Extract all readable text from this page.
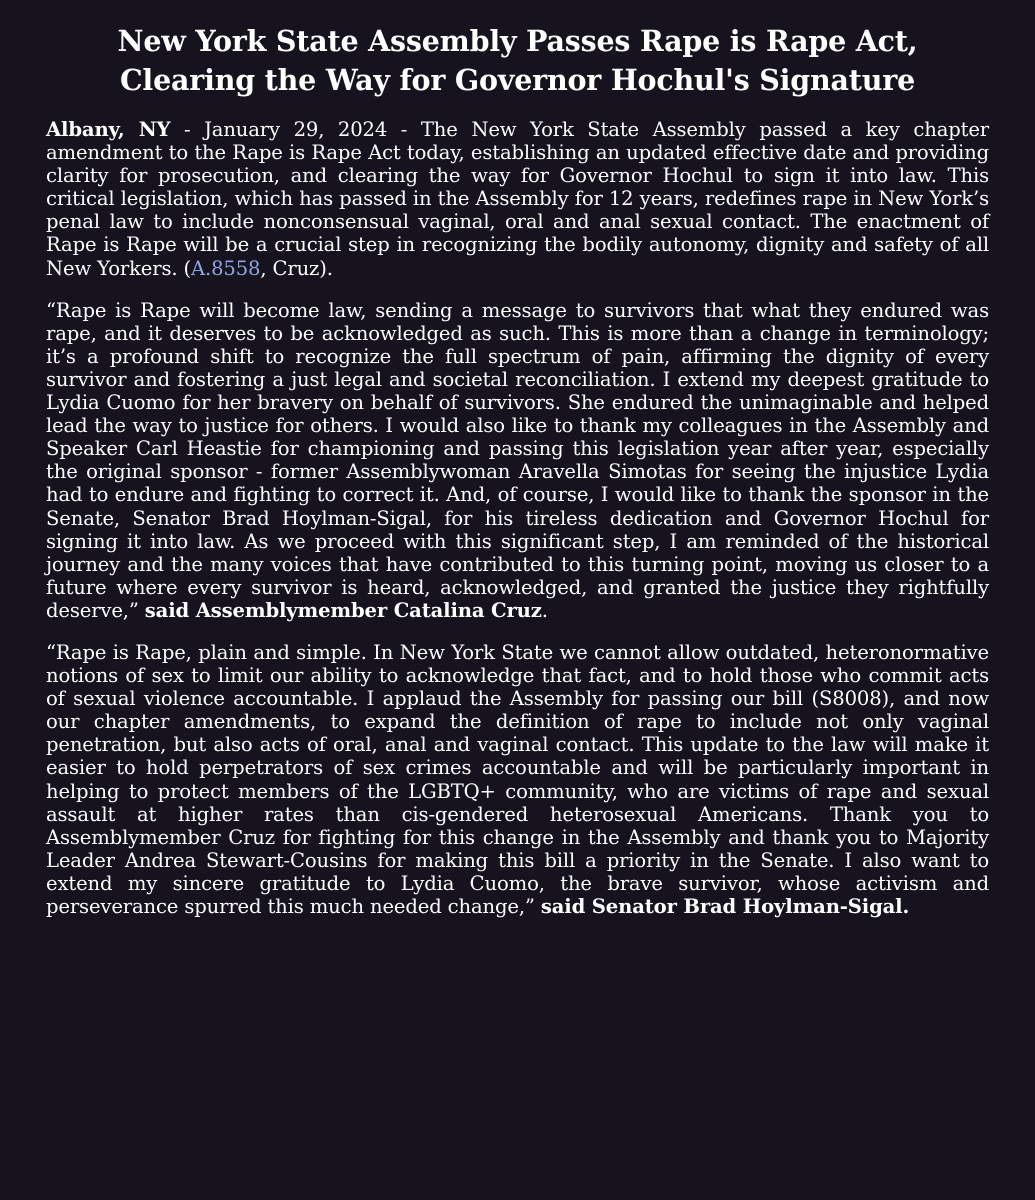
New York State Assembly Passes Rape is Rape Act, Clearing the Way for Governor Hochul's Signature

Albany, NY - January 29, 2024 - The New York State Assembly passed a key chapter amendment to the Rape is Rape Act today, establishing an updated effective date and providing clarity for prosecution, and clearing the way for Governor Hochul to sign it into law. This critical legislation, which has passed in the Assembly for 12 years, redefines rape in New York’s penal law to include nonconsensual vaginal, oral and anal sexual contact. The enactment of Rape is Rape will be a crucial step in recognizing the bodily autonomy, dignity and safety of all New Yorkers. (A.8558, Cruz).

“Rape is Rape will become law, sending a message to survivors that what they endured was rape, and it deserves to be acknowledged as such. This is more than a change in terminology; it’s a profound shift to recognize the full spectrum of pain, affirming the dignity of every survivor and fostering a just legal and societal reconciliation. I extend my deepest gratitude to Lydia Cuomo for her bravery on behalf of survivors. She endured the unimaginable and helped lead the way to justice for others. I would also like to thank my colleagues in the Assembly and Speaker Carl Heastie for championing and passing this legislation year after year, especially the original sponsor - former Assemblywoman Aravella Simotas for seeing the injustice Lydia had to endure and fighting to correct it. And, of course, I would like to thank the sponsor in the Senate, Senator Brad Hoylman-Sigal, for his tireless dedication and Governor Hochul for signing it into law. As we proceed with this significant step, I am reminded of the historical journey and the many voices that have contributed to this turning point, moving us closer to a future where every survivor is heard, acknowledged, and granted the justice they rightfully deserve,” said Assemblymember Catalina Cruz.

“Rape is Rape, plain and simple. In New York State we cannot allow outdated, heteronormative notions of sex to limit our ability to acknowledge that fact, and to hold those who commit acts of sexual violence accountable. I applaud the Assembly for passing our bill (S8008), and now our chapter amendments, to expand the definition of rape to include not only vaginal penetration, but also acts of oral, anal and vaginal contact. This update to the law will make it easier to hold perpetrators of sex crimes accountable and will be particularly important in helping to protect members of the LGBTQ+ community, who are victims of rape and sexual assault at higher rates than cis-gendered heterosexual Americans. Thank you to Assemblymember Cruz for fighting for this change in the Assembly and thank you to Majority Leader Andrea Stewart-Cousins for making this bill a priority in the Senate. I also want to extend my sincere gratitude to Lydia Cuomo, the brave survivor, whose activism and perseverance spurred this much needed change,” said Senator Brad Hoylman-Sigal.
